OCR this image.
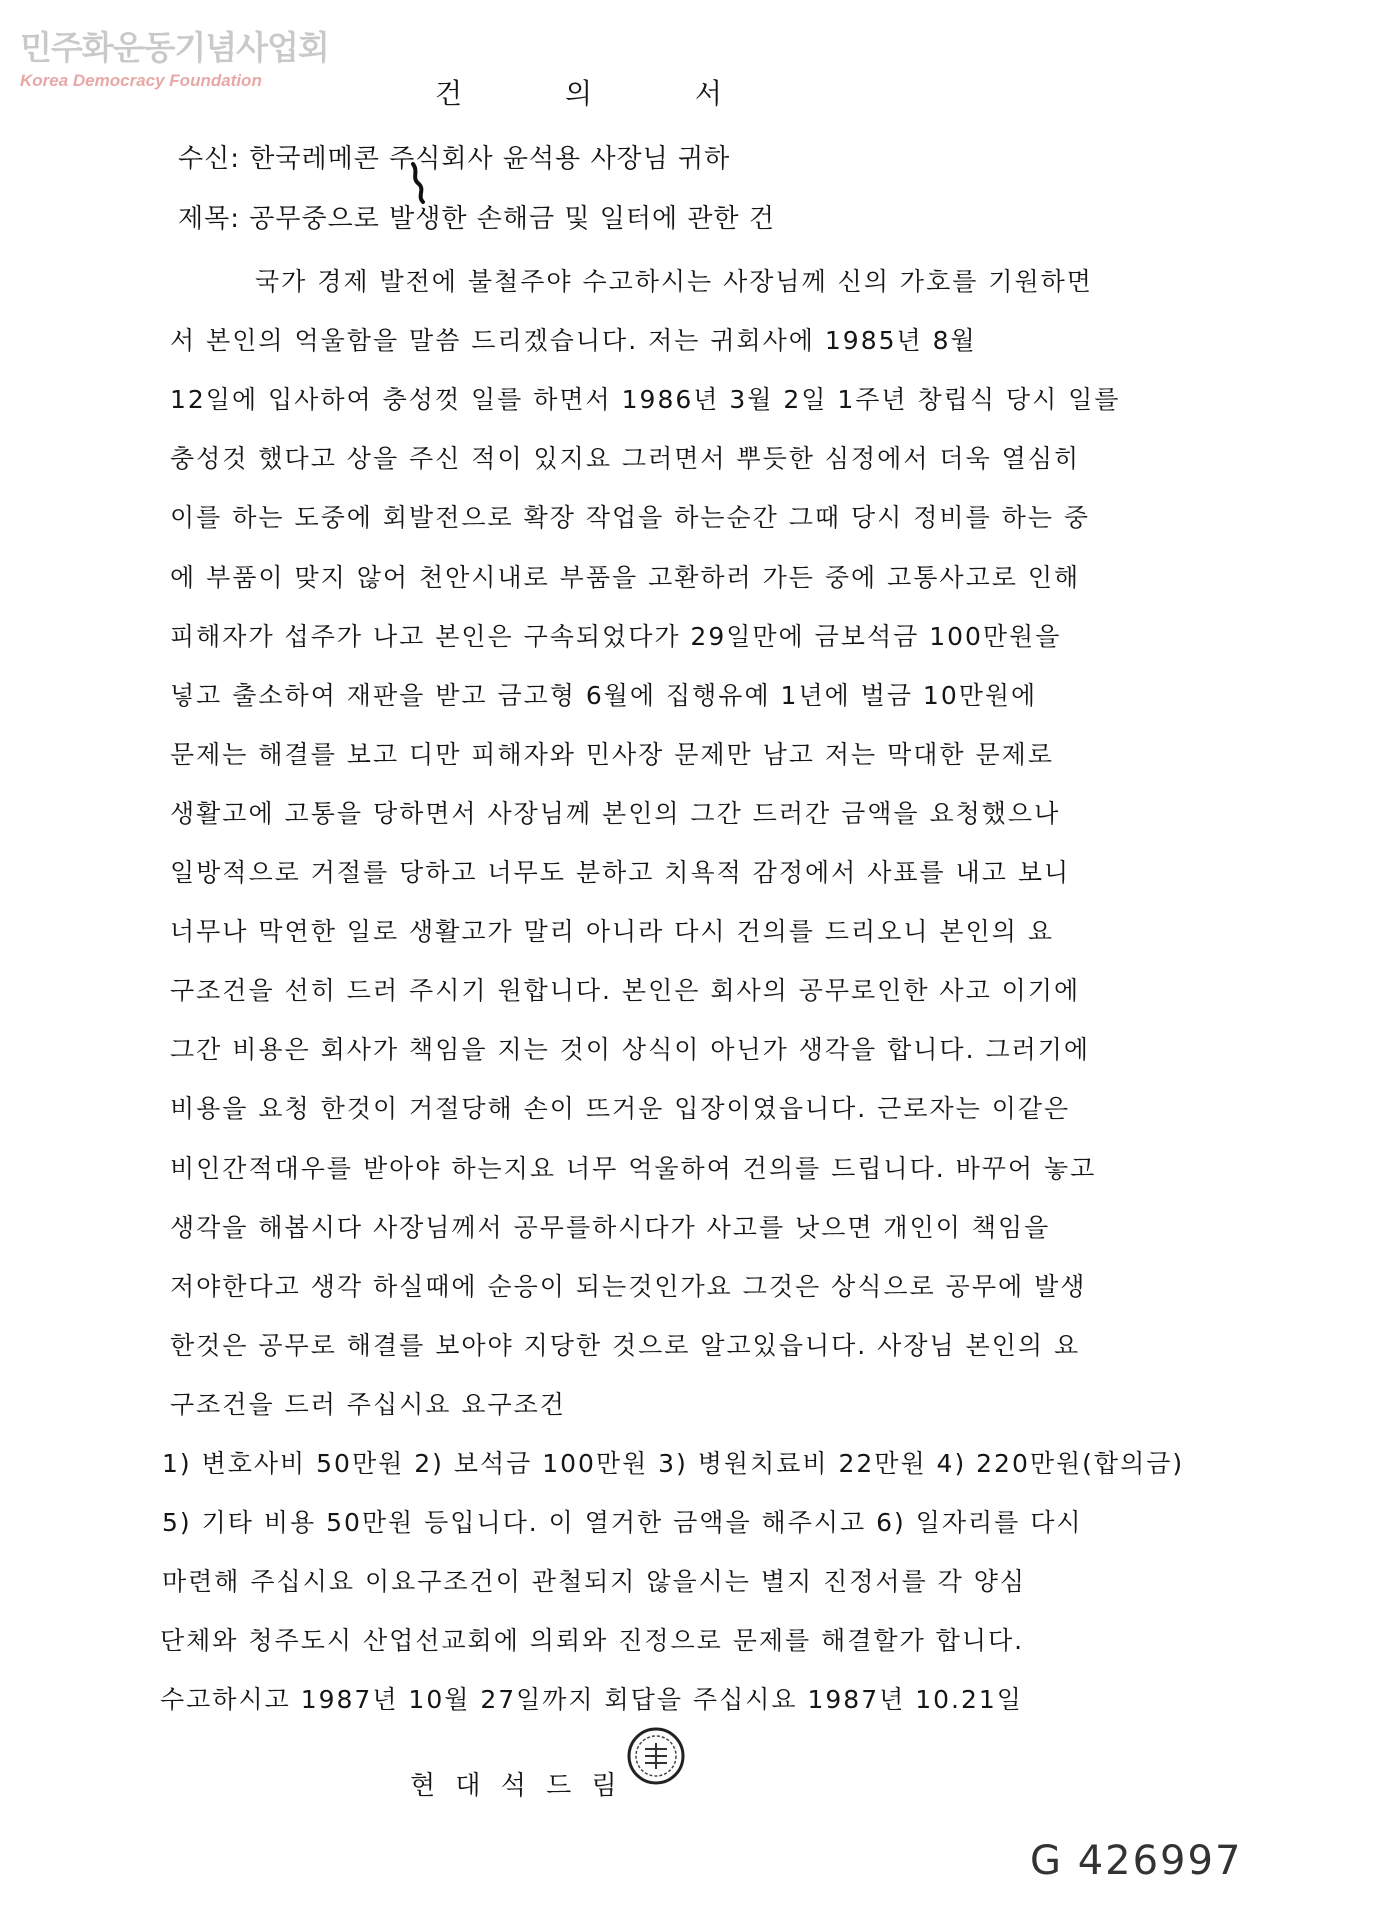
민주화운동기념사업회
Korea Democracy Foundation	건 의 서
수신: 한국레메콘 주식회사 윤석용 사장님 귀하
제목: 공무중으로 발생한 손해금 및 일터에 관한 건
국가 경제 발전에 불철주야 수고하시는 사장님께 신의 가호를 기원하면
서 본인의 억울함을 말씀 드리겠습니다. 저는 귀회사에 1985년 8월
12일에 입사하여 충성껏 일를 하면서 1986년 3월 2일 1주년 창립식 당시 일를
충성것 했다고 상을 주신 적이 있지요 그러면서 뿌듯한 심정에서 더욱 열심히
이를 하는 도중에 회발전으로 확장 작업을 하는순간 그때 당시 정비를 하는 중
에 부품이 맞지 않어 천안시내로 부품을 고환하러 가든 중에 고통사고로 인해
피해자가 섭주가 나고 본인은 구속되었다가 29일만에 금보석금 100만원을
넣고 출소하여 재판을 받고 금고형 6월에 집행유예 1년에 벌금 10만원에
문제는 해결를 보고 디만 피해자와 민사장 문제만 남고 저는 막대한 문제로
생활고에 고통을 당하면서 사장님께 본인의 그간 드러간 금액을 요청했으나
일방적으로 거절를 당하고 너무도 분하고 치욕적 감정에서 사표를 내고 보니
너무나 막연한 일로 생활고가 말리 아니라 다시 건의를 드리오니 본인의 요
구조건을 선히 드러 주시기 원합니다. 본인은 회사의 공무로인한 사고 이기에
그간 비용은 회사가 책임을 지는 것이 상식이 아닌가 생각을 합니다. 그러기에
비용을 요청 한것이 거절당해 손이 뜨거운 입장이였읍니다. 근로자는 이같은
비인간적대우를 받아야 하는지요 너무 억울하여 건의를 드립니다. 바꾸어 놓고
생각을 해봅시다 사장님께서 공무를하시다가 사고를 낫으면 개인이 책임을
저야한다고 생각 하실때에 순응이 되는것인가요 그것은 상식으로 공무에 발생
한것은 공무로 해결를 보아야 지당한 것으로 알고있읍니다. 사장님 본인의 요
구조건을 드러 주십시요 요구조건
1) 변호사비 50만원 2) 보석금 100만원 3) 병원치료비 22만원 4) 220만원(합의금)
5) 기타 비용 50만원 등입니다. 이 열거한 금액을 해주시고 6) 일자리를 다시
마련해 주십시요 이요구조건이 관철되지 않을시는 별지 진정서를 각 양심
단체와 청주도시 산업선교회에 의뢰와 진정으로 문제를 해결할가 합니다.
수고하시고 1987년 10월 27일까지 회답을 주십시요 1987년 10.21일
현 대 석 드 림
G 426997
